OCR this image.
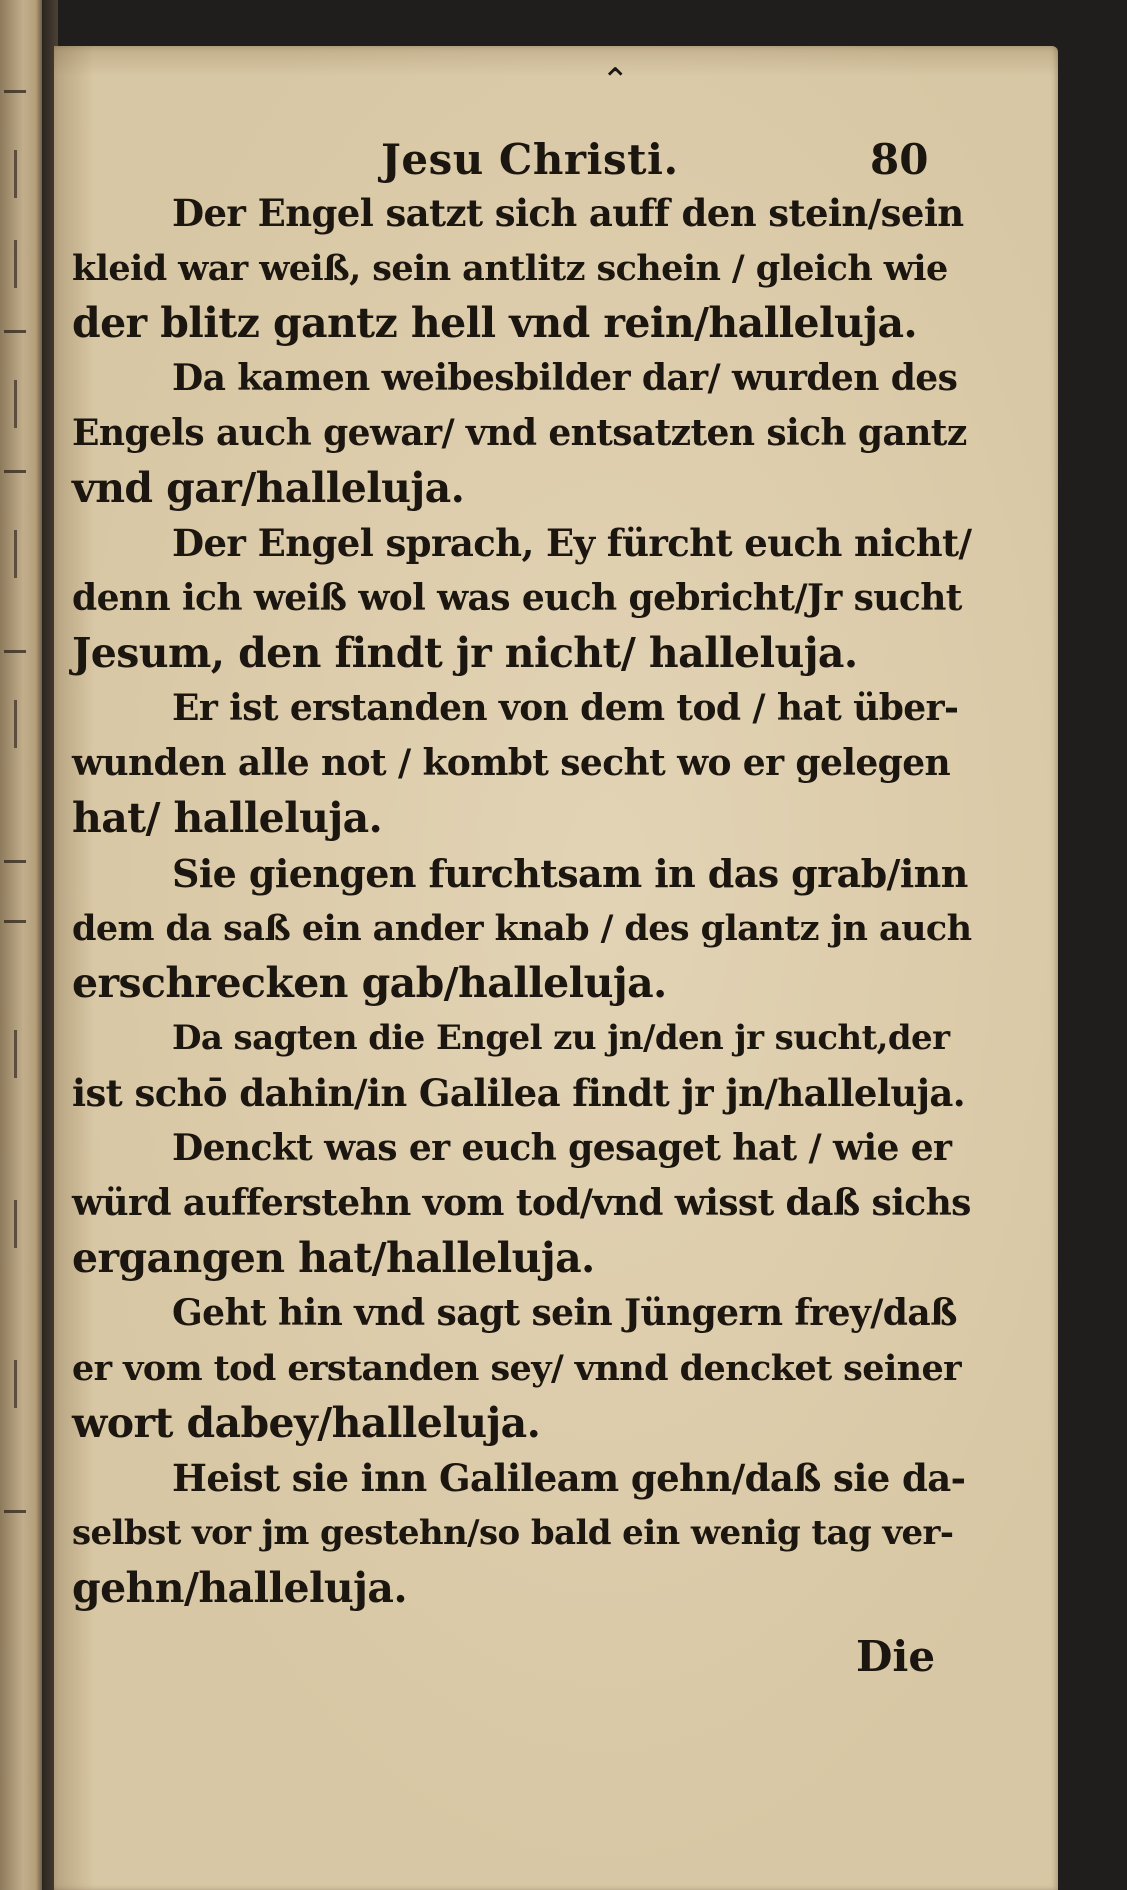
⌃
Jesu Christi.	80
Der Engel satzt sich auff den stein/sein
kleid war weiß, sein antlitz schein / gleich wie
der blitz gantz hell vnd rein/halleluja.
Da kamen weibesbilder dar/ wurden des
Engels auch gewar/ vnd entsatzten sich gantz
vnd gar/halleluja.
Der Engel sprach, Ey fürcht euch nicht/
denn ich weiß wol was euch gebricht/Jr sucht
Jesum, den findt jr nicht/ halleluja.
Er ist erstanden von dem tod / hat über-
wunden alle not / kombt secht wo er gelegen
hat/ halleluja.
Sie giengen furchtsam in das grab/inn
dem da saß ein ander knab / des glantz jn auch
erschrecken gab/halleluja.
Da sagten die Engel zu jn/den jr sucht,der
ist schō dahin/in Galilea findt jr jn/halleluja.
Denckt was er euch gesaget hat / wie er
würd aufferstehn vom tod/vnd wisst daß sichs
ergangen hat/halleluja.
Geht hin vnd sagt sein Jüngern frey/daß
er vom tod erstanden sey/ vnnd dencket seiner
wort dabey/halleluja.
Heist sie inn Galileam gehn/daß sie da-
selbst vor jm gestehn/so bald ein wenig tag ver-
gehn/halleluja.
Die
